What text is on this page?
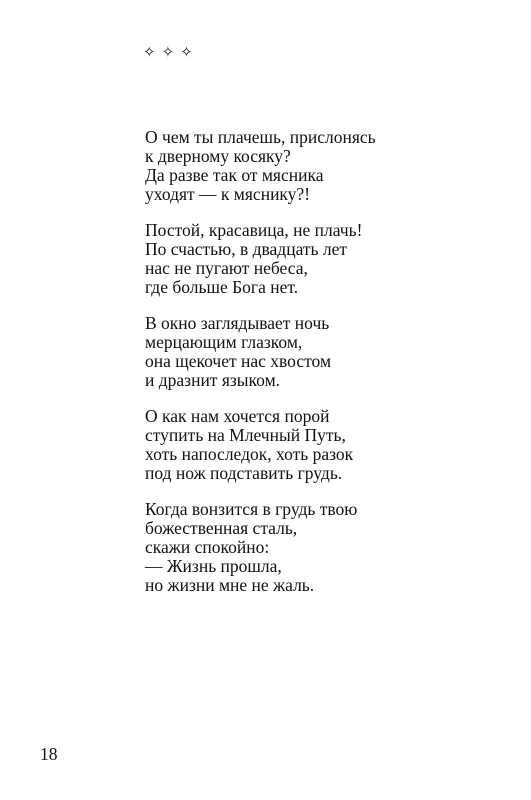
✧✧✧
О чем ты плачешь, прислонясь
к дверному косяку?
Да разве так от мясника
уходят — к мяснику?!
Постой, красавица, не плачь!
По счастью, в двадцать лет
нас не пугают небеса,
где больше Бога нет.
В окно заглядывает ночь
мерцающим глазком,
она щекочет нас хвостом
и дразнит языком.
О как нам хочется порой
ступить на Млечный Путь,
хоть напоследок, хоть разок
под нож подставить грудь.
Когда вонзится в грудь твою
божественная сталь,
скажи спокойно:
— Жизнь прошла,
но жизни мне не жаль.
18
